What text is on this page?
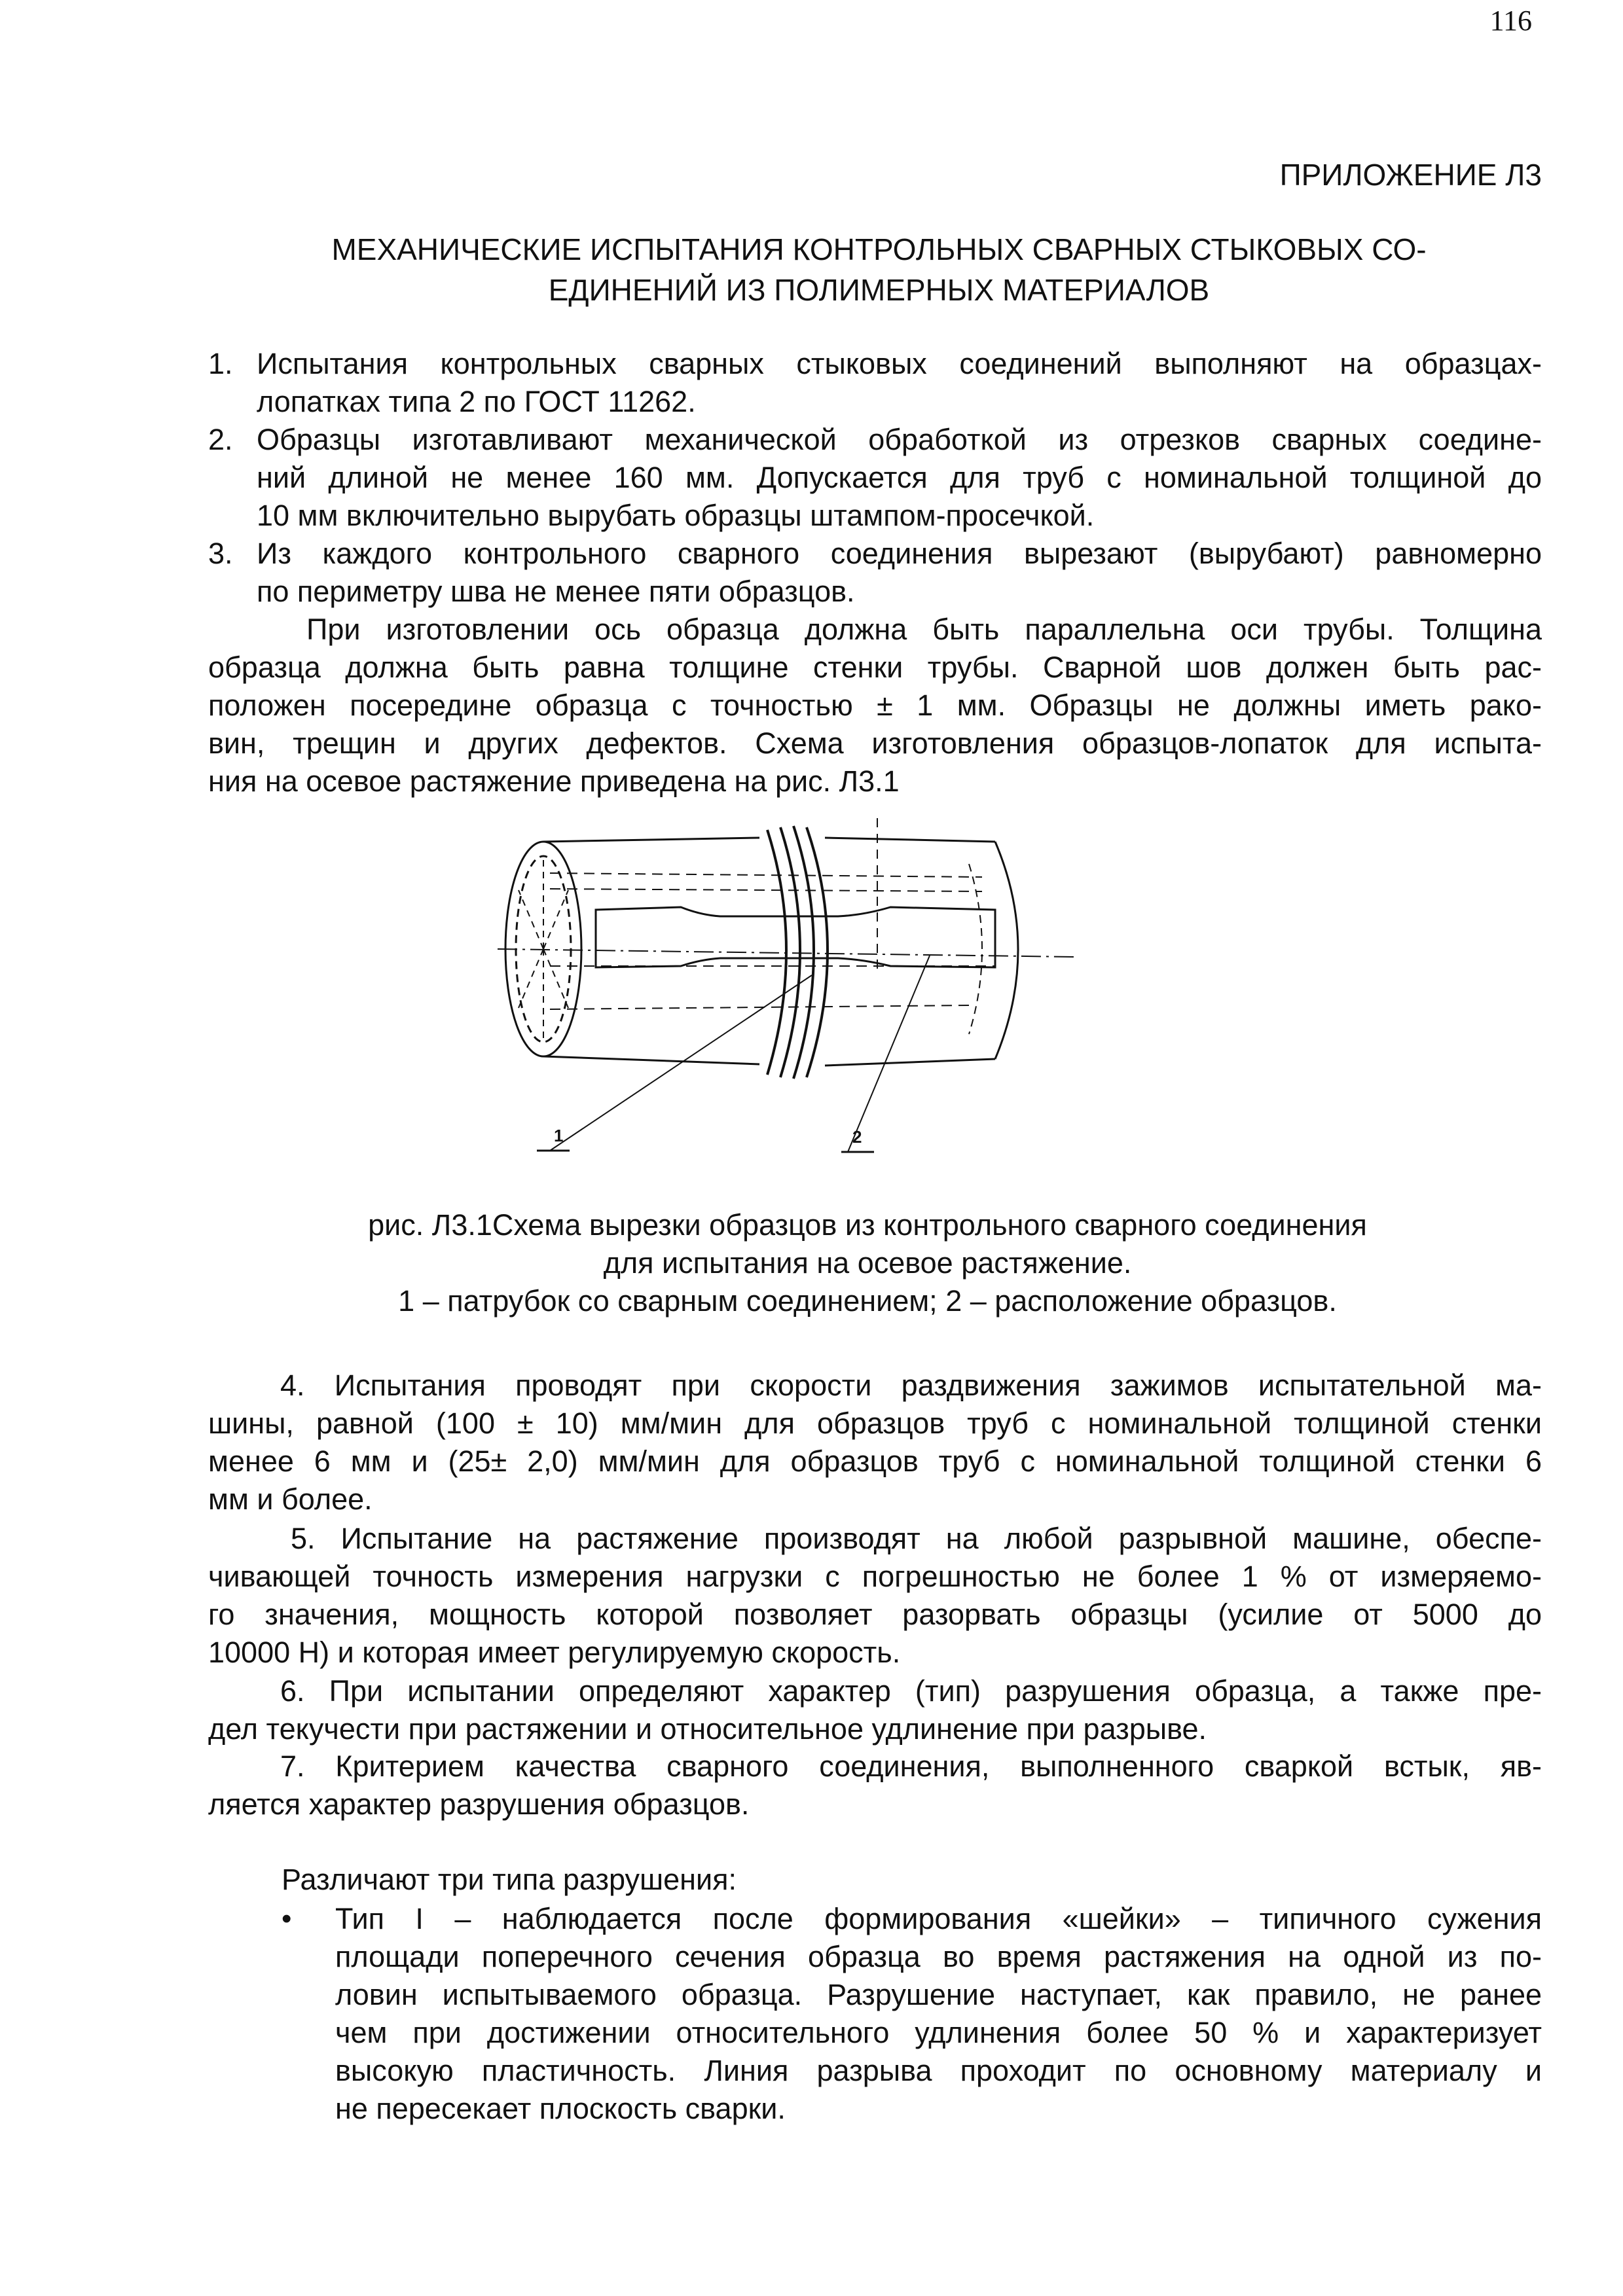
116
ПРИЛОЖЕНИЕ Л3
МЕХАНИЧЕСКИЕ ИСПЫТАНИЯ КОНТРОЛЬНЫХ СВАРНЫХ СТЫКОВЫХ СО-
ЕДИНЕНИЙ ИЗ ПОЛИМЕРНЫХ МАТЕРИАЛОВ
1. Испытания контрольных сварных стыковых соединений выполняют на образцах-
лопатках типа 2 по ГОСТ 11262.
2. Образцы изготавливают механической обработкой из отрезков сварных соедине-
ний длиной не менее 160 мм. Допускается для труб с номинальной толщиной до
10 мм включительно вырубать образцы штампом-просечкой.
3. Из каждого контрольного сварного соединения вырезают (вырубают) равномерно
по периметру шва не менее пяти образцов.
При изготовлении ось образца должна быть параллельна оси трубы. Толщина
образца должна быть равна толщине стенки трубы. Сварной шов должен быть рас-
положен посередине образца с точностью ± 1 мм. Образцы не должны иметь рако-
вин, трещин и других дефектов. Схема изготовления образцов-лопаток для испыта-
ния на осевое растяжение приведена на рис. Л3.1
1	2
рис. Л3.1Схема вырезки образцов из контрольного сварного соединения
для испытания на осевое растяжение.
1 – патрубок со сварным соединением; 2 – расположение образцов.
4. Испытания проводят при скорости раздвижения зажимов испытательной ма-
шины, равной (100 ± 10) мм/мин для образцов труб с номинальной толщиной стенки
менее 6 мм и (25± 2,0) мм/мин для образцов труб с номинальной толщиной стенки 6
мм и более.
5. Испытание на растяжение производят на любой разрывной машине, обеспе-
чивающей точность измерения нагрузки с погрешностью не более 1 % от измеряемо-
го значения, мощность которой позволяет разорвать образцы (усилие от 5000 до
10000 Н) и которая имеет регулируемую скорость.
6. При испытании определяют характер (тип) разрушения образца, а также пре-
дел текучести при растяжении и относительное удлинение при разрыве.
7. Критерием качества сварного соединения, выполненного сваркой встык, яв-
ляется характер разрушения образцов.
Различают три типа разрушения:
• Тип I – наблюдается после формирования «шейки» – типичного сужения
площади поперечного сечения образца во время растяжения на одной из по-
ловин испытываемого образца. Разрушение наступает, как правило, не ранее
чем при достижении относительного удлинения более 50 % и характеризует
высокую пластичность. Линия разрыва проходит по основному материалу и
не пересекает плоскость сварки.
